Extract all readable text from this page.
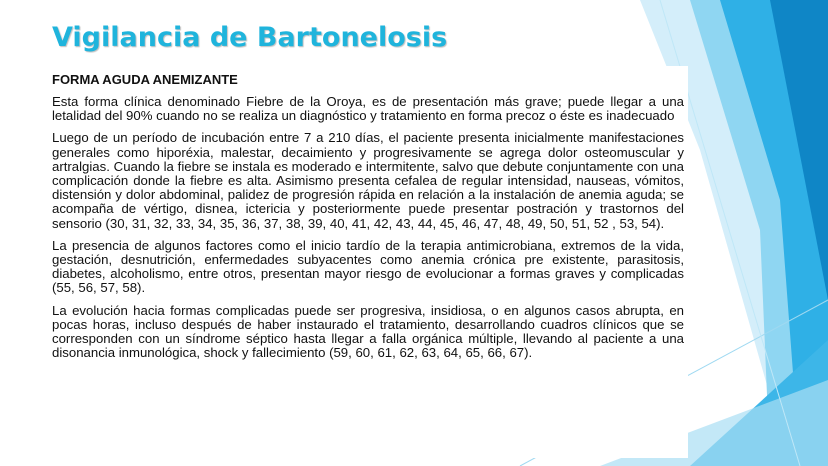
Vigilancia de Bartonelosis
FORMA AGUDA ANEMIZANTE

Esta forma clínica denominado Fiebre de la Oroya, es de presentación más grave; puede llegar a una letalidad del 90% cuando no se realiza un diagnóstico y tratamiento en forma precoz o éste es inadecuado

Luego de un período de incubación entre 7 a 210 días, el paciente presenta inicialmente manifestaciones generales como hiporéxia, malestar, decaimiento y progresivamente se agrega dolor osteomuscular y artralgias. Cuando la fiebre se instala es moderado e intermitente, salvo que debute conjuntamente con una complicación donde la fiebre es alta. Asimismo presenta cefalea de regular intensidad, nauseas, vómitos, distensión y dolor abdominal, palidez de progresión rápida en relación a la instalación de anemia aguda; se acompaña de vértigo, disnea, ictericia y posteriormente puede presentar postración y trastornos del sensorio (30, 31, 32, 33, 34, 35, 36, 37, 38, 39, 40, 41, 42, 43, 44, 45, 46, 47, 48, 49, 50, 51, 52 , 53, 54).

La presencia de algunos factores como el inicio tardío de la terapia antimicrobiana, extremos de la vida, gestación, desnutrición, enfermedades subyacentes como anemia crónica pre existente, parasitosis, diabetes, alcoholismo, entre otros, presentan mayor riesgo de evolucionar a formas graves y complicadas (55, 56, 57, 58).

La evolución hacia formas complicadas puede ser progresiva, insidiosa, o en algunos casos abrupta, en pocas horas, incluso después de haber instaurado el tratamiento, desarrollando cuadros clínicos que se corresponden con un síndrome séptico hasta llegar a falla orgánica múltiple, llevando al paciente a una disonancia inmunológica, shock y fallecimiento (59, 60, 61, 62, 63, 64, 65, 66, 67).
